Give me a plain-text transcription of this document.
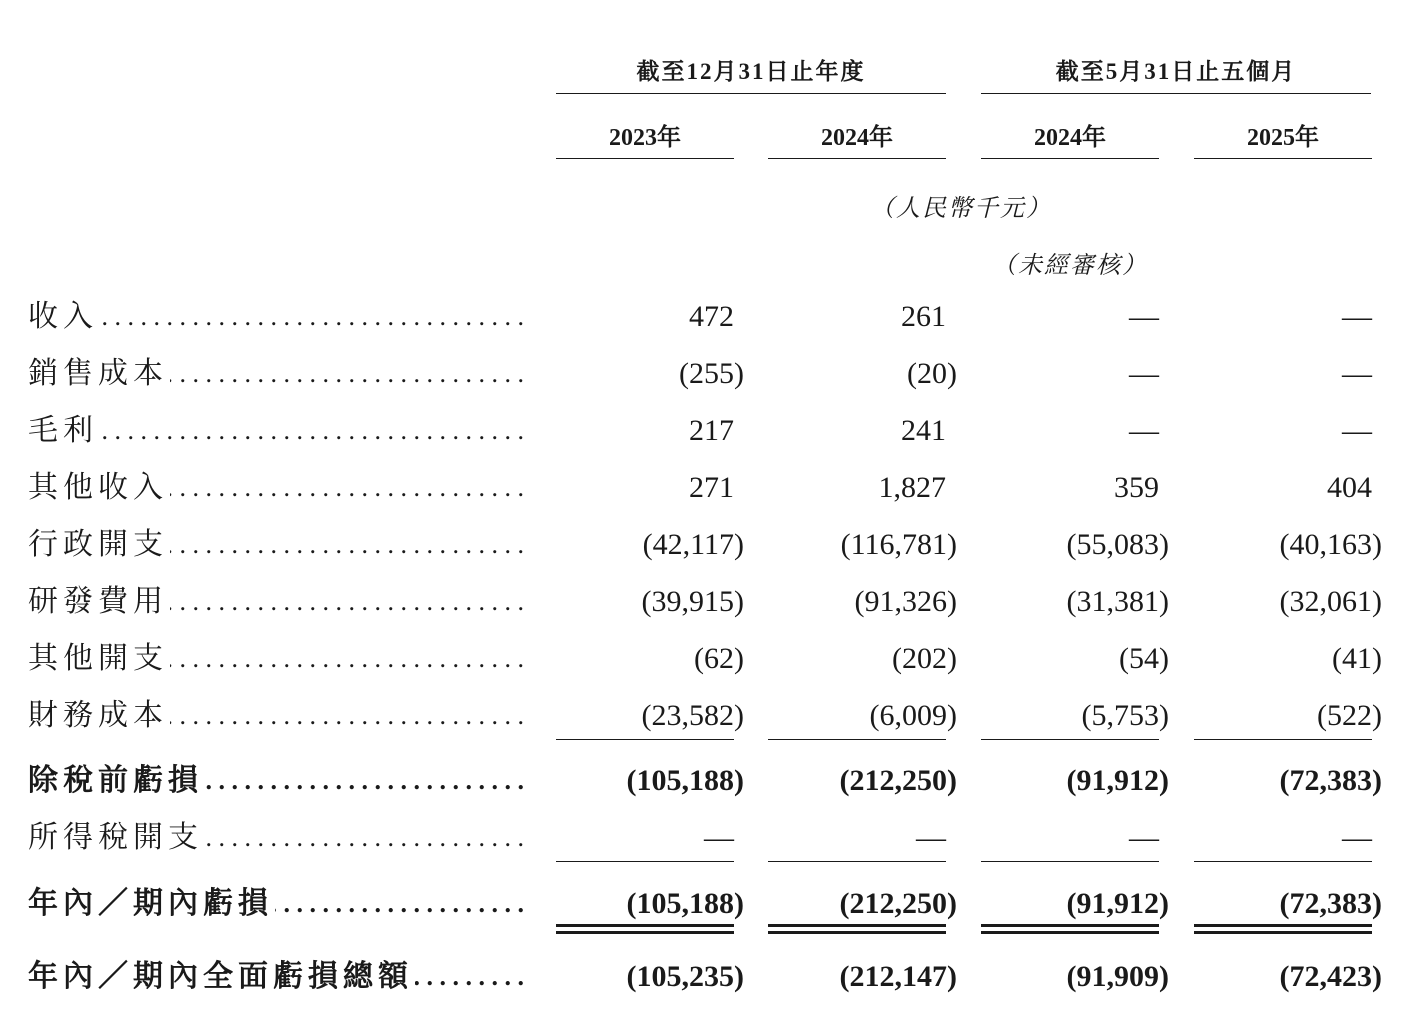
截至12月31日止年度	截至5月31日止五個月
2023年	2024年	2024年	2025年
（人民幣千元）
（未經審核）
. . . 收入	472	261	—	—
. . . 銷售成本	(255)	(20)	—	—
. . . 毛利	217	241	—	—
. . . 其他收入	271	1,827	359	404
. . . 行政開支	(42,117)	(116,781)	(55,083)	(40,163)
. . . 研發費用	(39,915)	(91,326)	(31,381)	(32,061)
. . . 其他開支	(62)	(202)	(54)	(41)
. . . 財務成本	(23,582)	(6,009)	(5,753)	(522)
. . . 除稅前虧損	(105,188)	(212,250)	(91,912)	(72,383)
. . . 所得稅開支	—	—	—	—
. . . 年內／期內虧損	(105,188)	(212,250)	(91,912)	(72,383)
. . . 年內／期內全面虧損總額	(105,235)	(212,147)	(91,909)	(72,423)
